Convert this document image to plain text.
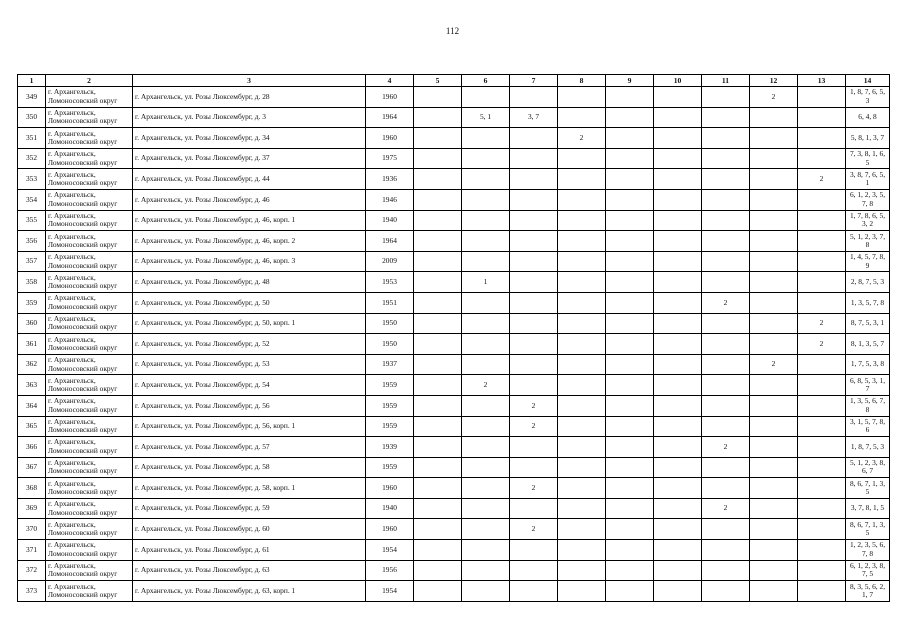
112
1	2	3	4	5	6	7	8	9	10	11	12	13	14
349	г. Архангельск, Ломоносовский округ	г. Архангельск, ул. Розы Люксембург, д. 28	1960								2		1, 8, 7, 6, 5, 3
350	г. Архангельск, Ломоносовский округ	г. Архангельск, ул. Розы Люксембург, д. 3	1964		5, 1	3, 7							6, 4, 8
351	г. Архангельск, Ломоносовский округ	г. Архангельск, ул. Розы Люксембург, д. 34	1960				2						5, 8, 1, 3, 7
352	г. Архангельск, Ломоносовский округ	г. Архангельск, ул. Розы Люксембург, д. 37	1975										7, 3, 8, 1, 6, 5
353	г. Архангельск, Ломоносовский округ	г. Архангельск, ул. Розы Люксембург, д. 44	1936									2	3, 8, 7, 6, 5, 1
354	г. Архангельск, Ломоносовский округ	г. Архангельск, ул. Розы Люксембург, д. 46	1946										6, 1, 2, 3, 5, 7, 8
355	г. Архангельск, Ломоносовский округ	г. Архангельск, ул. Розы Люксембург, д. 46, корп. 1	1940										1, 7, 8, 6, 5, 3, 2
356	г. Архангельск, Ломоносовский округ	г. Архангельск, ул. Розы Люксембург, д. 46, корп. 2	1964										5, 1, 2, 3, 7, 8
357	г. Архангельск, Ломоносовский округ	г. Архангельск, ул. Розы Люксембург, д. 46, корп. 3	2009										1, 4, 5, 7, 8, 9
358	г. Архангельск, Ломоносовский округ	г. Архангельск, ул. Розы Люксембург, д. 48	1953		1								2, 8, 7, 5, 3
359	г. Архангельск, Ломоносовский округ	г. Архангельск, ул. Розы Люксембург, д. 50	1951							2			1, 3, 5, 7, 8
360	г. Архангельск, Ломоносовский округ	г. Архангельск, ул. Розы Люксембург, д. 50, корп. 1	1950									2	8, 7, 5, 3, 1
361	г. Архангельск, Ломоносовский округ	г. Архангельск, ул. Розы Люксембург, д. 52	1950									2	8, 1, 3, 5, 7
362	г. Архангельск, Ломоносовский округ	г. Архангельск, ул. Розы Люксембург, д. 53	1937								2		1, 7, 5, 3, 8
363	г. Архангельск, Ломоносовский округ	г. Архангельск, ул. Розы Люксембург, д. 54	1959		2								6, 8, 5, 3, 1, 7
364	г. Архангельск, Ломоносовский округ	г. Архангельск, ул. Розы Люксембург, д. 56	1959			2							1, 3, 5, 6, 7, 8
365	г. Архангельск, Ломоносовский округ	г. Архангельск, ул. Розы Люксембург, д. 56, корп. 1	1959			2							3, 1, 5, 7, 8, 6
366	г. Архангельск, Ломоносовский округ	г. Архангельск, ул. Розы Люксембург, д. 57	1939							2			1, 8, 7, 5, 3
367	г. Архангельск, Ломоносовский округ	г. Архангельск, ул. Розы Люксембург, д. 58	1959										5, 1, 2, 3, 8, 6, 7
368	г. Архангельск, Ломоносовский округ	г. Архангельск, ул. Розы Люксембург, д. 58, корп. 1	1960			2							8, 6, 7, 1, 3, 5
369	г. Архангельск, Ломоносовский округ	г. Архангельск, ул. Розы Люксембург, д. 59	1940							2			3, 7, 8, 1, 5
370	г. Архангельск, Ломоносовский округ	г. Архангельск, ул. Розы Люксембург, д. 60	1960			2							8, 6, 7, 1, 3, 5
371	г. Архангельск, Ломоносовский округ	г. Архангельск, ул. Розы Люксембург, д. 61	1954										1, 2, 3, 5, 6, 7, 8
372	г. Архангельск, Ломоносовский округ	г. Архангельск, ул. Розы Люксембург, д. 63	1956										6, 1, 2, 3, 8, 7, 5
373	г. Архангельск, Ломоносовский округ	г. Архангельск, ул. Розы Люксембург, д. 63, корп. 1	1954										8, 3, 5, 6, 2, 1, 7
